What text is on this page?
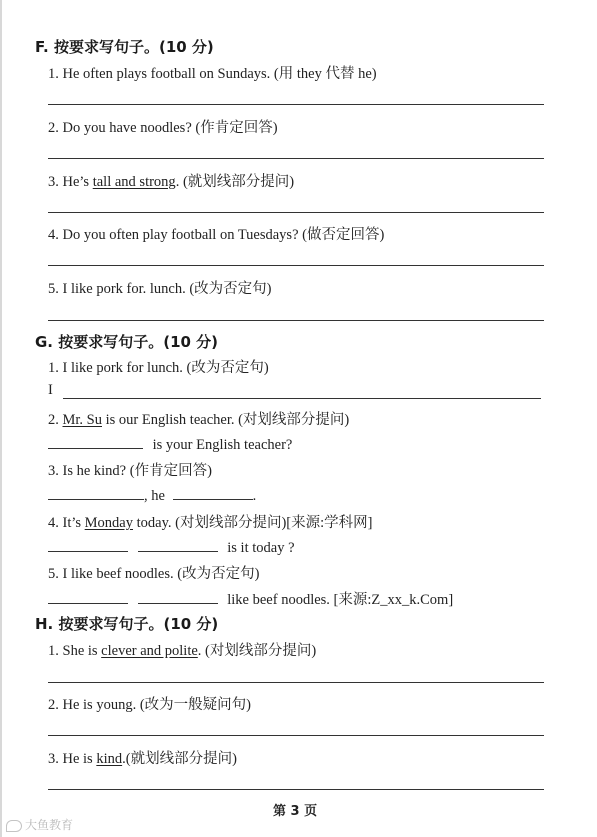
F. 按要求写句子。(10 分)
1. He often plays football on Sundays. (用 they 代替 he)
2. Do you have noodles? (作肯定回答)
3. He’s tall and strong. (就划线部分提问)
4. Do you often play football on Tuesdays? (做否定回答)
5. I like pork for. lunch. (改为否定句)
G. 按要求写句子。(10 分)
1. I like pork for lunch. (改为否定句)
I
2. Mr. Su is our English teacher. (对划线部分提问)
is your English teacher?
3. Is he kind? (作肯定回答)
, he	.
4. It’s Monday today. (对划线部分提问)[来源:学科网]
is it today ?
5. I like beef noodles. (改为否定句)
like beef noodles. [来源:Z_xx_k.Com]
H. 按要求写句子。(10 分)
1. She is clever and polite. (对划线部分提问)
2. He is young. (改为一般疑问句)
3. He is kind.(就划线部分提问)
第 3 页
大鱼教育
